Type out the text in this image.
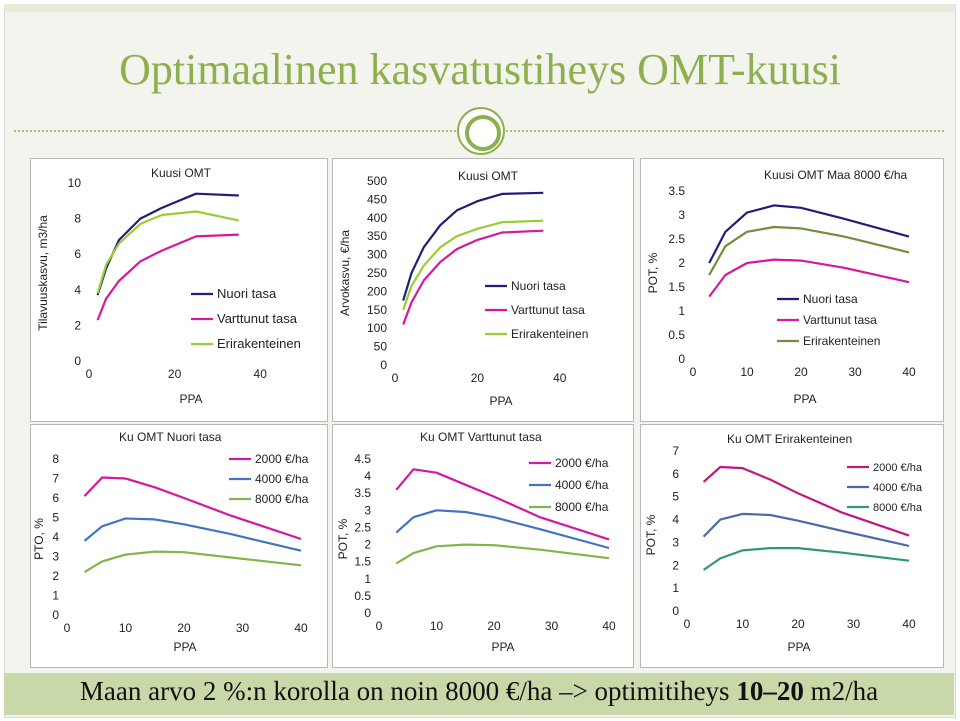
Optimaalinen kasvatustiheys OMT-kuusi
Kuusi OMT
0
2
4
6
8
10
0	20	40
PPA
Tilavuuskasvu, m3/ha	Nuori tasa
Varttunut tasa
Erirakenteinen
Kuusi OMT
0
50
100
150
200
250
300
350
400
450
500
0	20	40
PPA
Arvokasvu, €/ha	Nuori tasa
Varttunut tasa
Erirakenteinen
Kuusi OMT Maa 8000 €/ha
0
0.5
1
1.5
2
2.5
3
3.5
0	10	20	30	40
PPA
POT, %
Nuori tasa
Varttunut tasa
Erirakenteinen
Ku OMT Nuori tasa
0
1
2
3
4
5
6
7
8
0	10	20	30	40
PPA
PTO, %
2000 €/ha
4000 €/ha
8000 €/ha
Ku OMT Varttunut tasa
0
0.5
1
1.5
2
2.5
3
3.5
4
4.5
0	10	20	30	40
PPA
POT, %
2000 €/ha
4000 €/ha
8000 €/ha
Ku OMT Erirakenteinen
0
1
2
3
4
5
6
7
0	10	20	30	40
PPA
POT, %
2000 €/ha
4000 €/ha
8000 €/ha
Maan arvo 2 %:n korolla on noin 8000 €/ha –> optimitiheys 10–20 m2/ha
